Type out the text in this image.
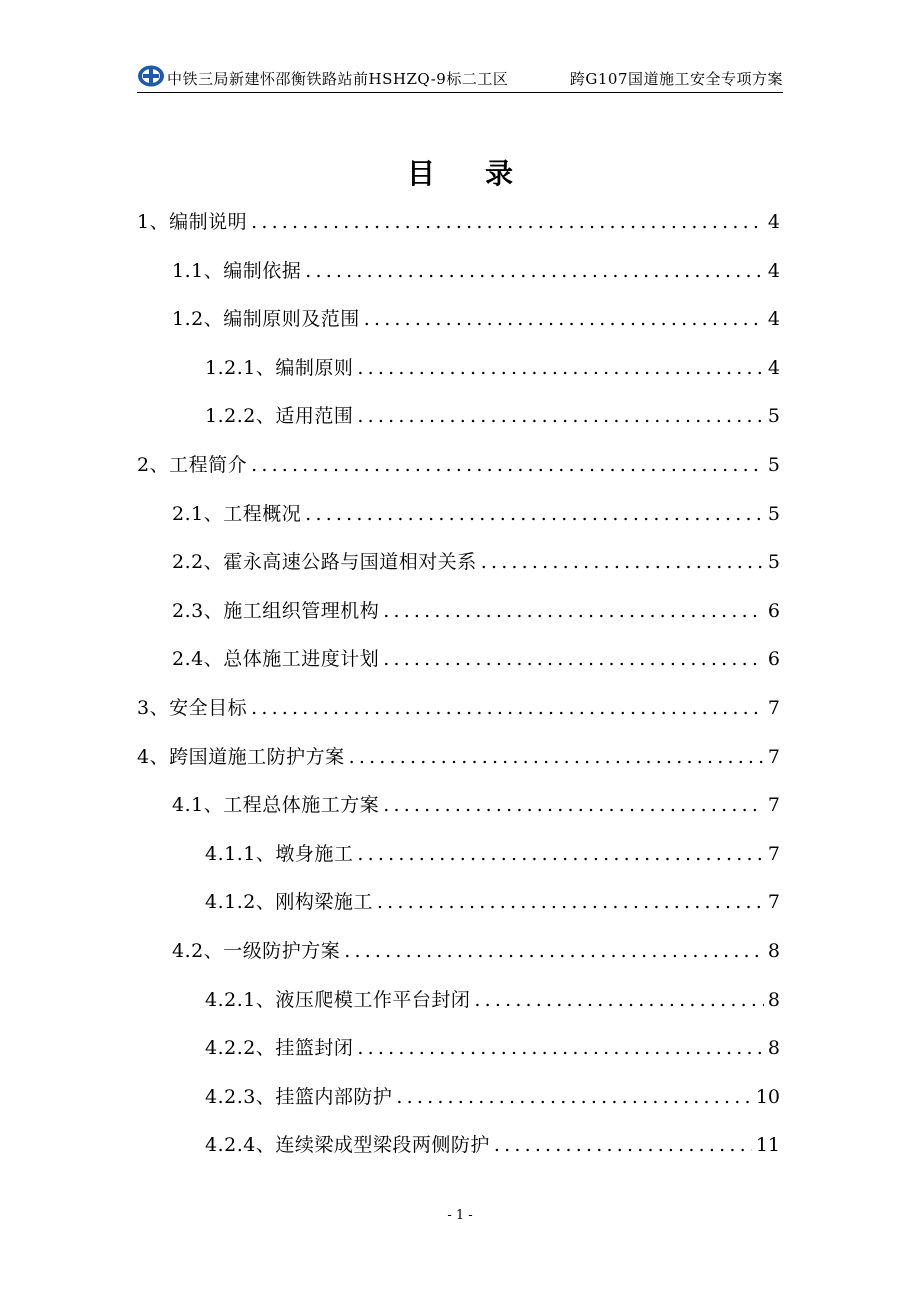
中铁三局新建怀邵衡铁路站前HSHZQ-9标二工区	跨G107国道施工安全专项方案
目录
1、编制说明 .....	4
1.1、编制依据 .....	4
1.2、编制原则及范围 .....	4
1.2.1、编制原则 .....	4
1.2.2、适用范围 .....	5
2、工程简介 .....	5
2.1、工程概况 .....	5
2.2、霍永高速公路与国道相对关系 .....	5
2.3、施工组织管理机构 .....	6
2.4、总体施工进度计划 .....	6
3、安全目标 .....	7
4、跨国道施工防护方案 .....	7
4.1、工程总体施工方案 .....	7
4.1.1、墩身施工 .....	7
4.1.2、刚构梁施工 .....	7
4.2、一级防护方案 .....	8
4.2.1、液压爬模工作平台封闭 .....	8
4.2.2、挂篮封闭 .....	8
4.2.3、挂篮内部防护 .....	10
4.2.4、连续梁成型梁段两侧防护 .....	11
- 1 -
